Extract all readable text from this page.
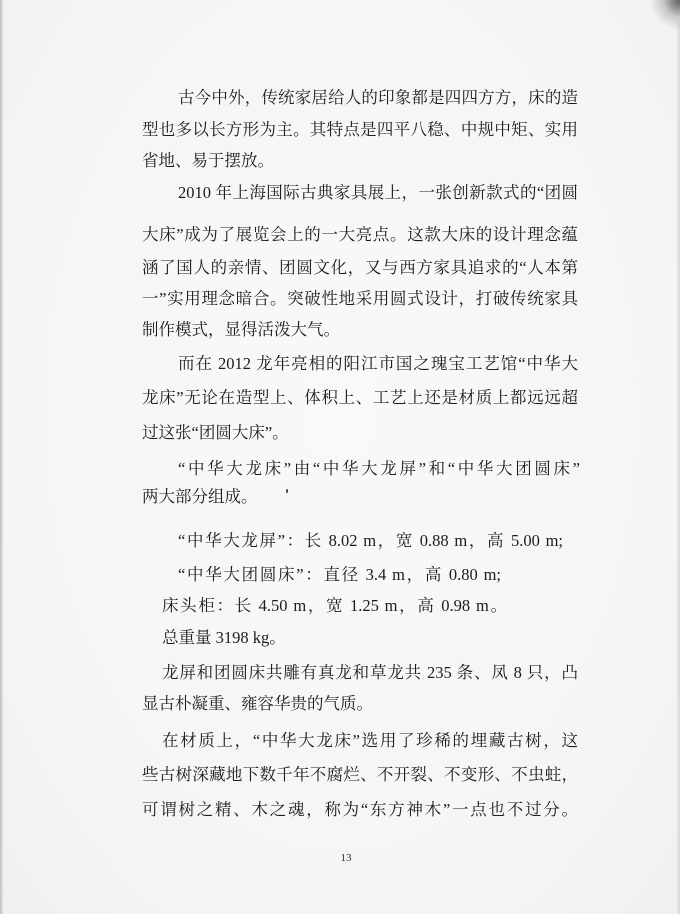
古今中外，传统家居给人的印象都是四四方方，床的造
型也多以长方形为主。其特点是四平八稳、中规中矩、实用
省地、易于摆放。
2010 年上海国际古典家具展上，一张创新款式的“团圆
大床”成为了展览会上的一大亮点。这款大床的设计理念蕴
涵了国人的亲情、团圆文化，又与西方家具追求的“人本第
一”实用理念暗合。突破性地采用圆式设计，打破传统家具
制作模式，显得活泼大气。
而在 2012 龙年亮相的阳江市国之瑰宝工艺馆“中华大
龙床”无论在造型上、体积上、工艺上还是材质上都远远超
过这张“团圆大床”。
“中华大龙床”由“中华大龙屏”和“中华大团圆床”
两大部分组成。
“中华大龙屏”：长 8.02 m，宽 0.88 m，高 5.00 m;
“中华大团圆床”：直径 3.4 m，高 0.80 m;
床头柜：长 4.50 m，宽 1.25 m，高 0.98 m。
总重量 3198 kg。
龙屏和团圆床共雕有真龙和草龙共 235 条、凤 8 只，凸
显古朴凝重、雍容华贵的气质。
在材质上，“中华大龙床”选用了珍稀的埋藏古树，这
些古树深藏地下数千年不腐烂、不开裂、不变形、不虫蛀，
可谓树之精、木之魂，称为“东方神木”一点也不过分。
13
